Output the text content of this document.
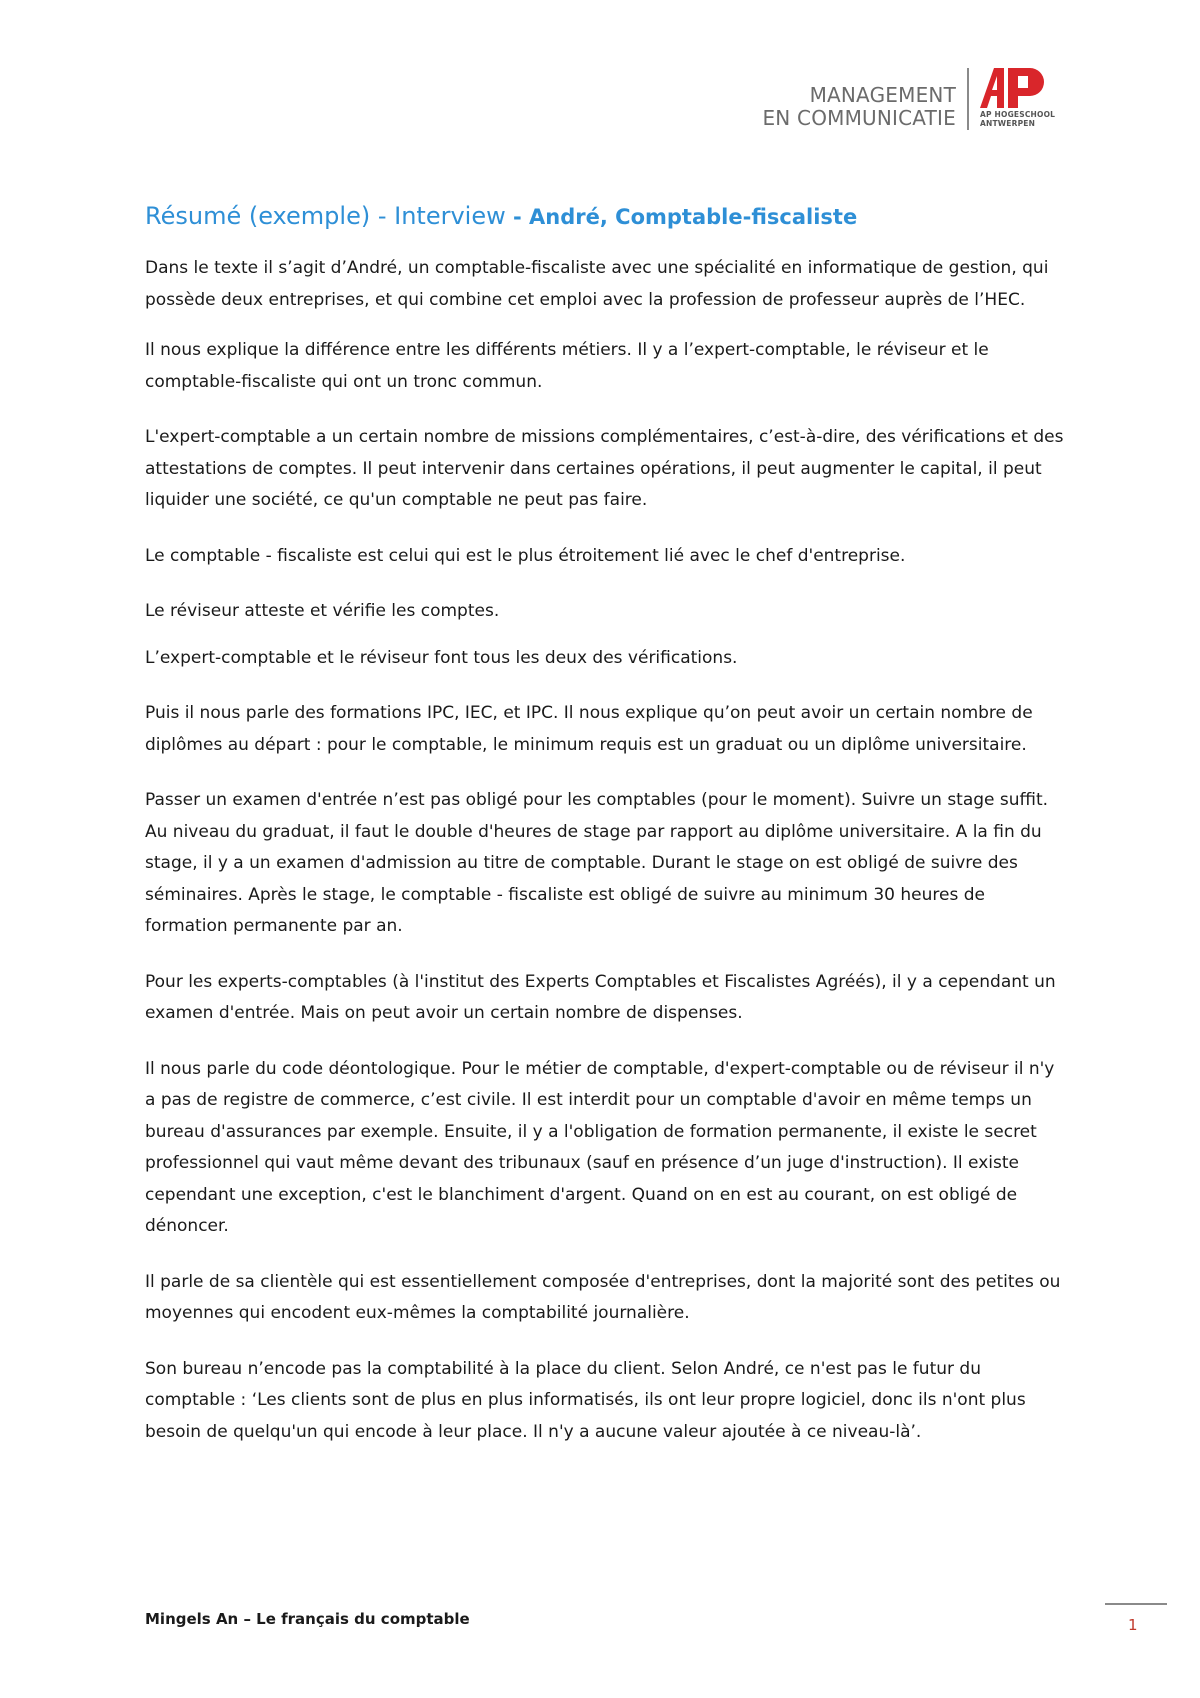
MANAGEMENT
EN COMMUNICATIE	AP HOGESCHOOL
ANTWERPEN
Résumé (exemple) - Interview - André, Comptable-fiscaliste

Dans le texte il s’agit d’André, un comptable-fiscaliste avec une spécialité en informatique de gestion, qui possède deux entreprises, et qui combine cet emploi avec la profession de professeur auprès de l’HEC.

Il nous explique la différence entre les différents métiers. Il y a l’expert-comptable, le réviseur et le comptable-fiscaliste qui ont un tronc commun.

L'expert-comptable a un certain nombre de missions complémentaires, c’est-à-dire, des vérifications et des attestations de comptes. Il peut intervenir dans certaines opérations, il peut augmenter le capital, il peut liquider une société, ce qu'un comptable ne peut pas faire.

Le comptable - fiscaliste est celui qui est le plus étroitement lié avec le chef d'entreprise.

Le réviseur atteste et vérifie les comptes.

L’expert-comptable et le réviseur font tous les deux des vérifications.

Puis il nous parle des formations IPC, IEC, et IPC. Il nous explique qu’on peut avoir un certain nombre de diplômes au départ : pour le comptable, le minimum requis est un graduat ou un diplôme universitaire.

Passer un examen d'entrée n’est pas obligé pour les comptables (pour le moment). Suivre un stage suffit. Au niveau du graduat, il faut le double d'heures de stage par rapport au diplôme universitaire. A la fin du stage, il y a un examen d'admission au titre de comptable. Durant le stage on est obligé de suivre des séminaires. Après le stage, le comptable - fiscaliste est obligé de suivre au minimum 30 heures de formation permanente par an.

Pour les experts-comptables (à l'institut des Experts Comptables et Fiscalistes Agréés), il y a cependant un examen d'entrée. Mais on peut avoir un certain nombre de dispenses.

Il nous parle du code déontologique. Pour le métier de comptable, d'expert-comptable ou de réviseur il n'y a pas de registre de commerce, c’est civile. Il est interdit pour un comptable d'avoir en même temps un bureau d'assurances par exemple. Ensuite, il y a l'obligation de formation permanente, il existe le secret professionnel qui vaut même devant des tribunaux (sauf en présence d’un juge d'instruction). Il existe cependant une exception, c'est le blanchiment d'argent. Quand on en est au courant, on est obligé de dénoncer.

Il parle de sa clientèle qui est essentiellement composée d'entreprises, dont la majorité sont des petites ou moyennes qui encodent eux-mêmes la comptabilité journalière.

Son bureau n’encode pas la comptabilité à la place du client. Selon André, ce n'est pas le futur du comptable : ‘Les clients sont de plus en plus informatisés, ils ont leur propre logiciel, donc ils n'ont plus besoin de quelqu'un qui encode à leur place. Il n'y a aucune valeur ajoutée à ce niveau-là’.

Mingels An – Le français du comptable	1
